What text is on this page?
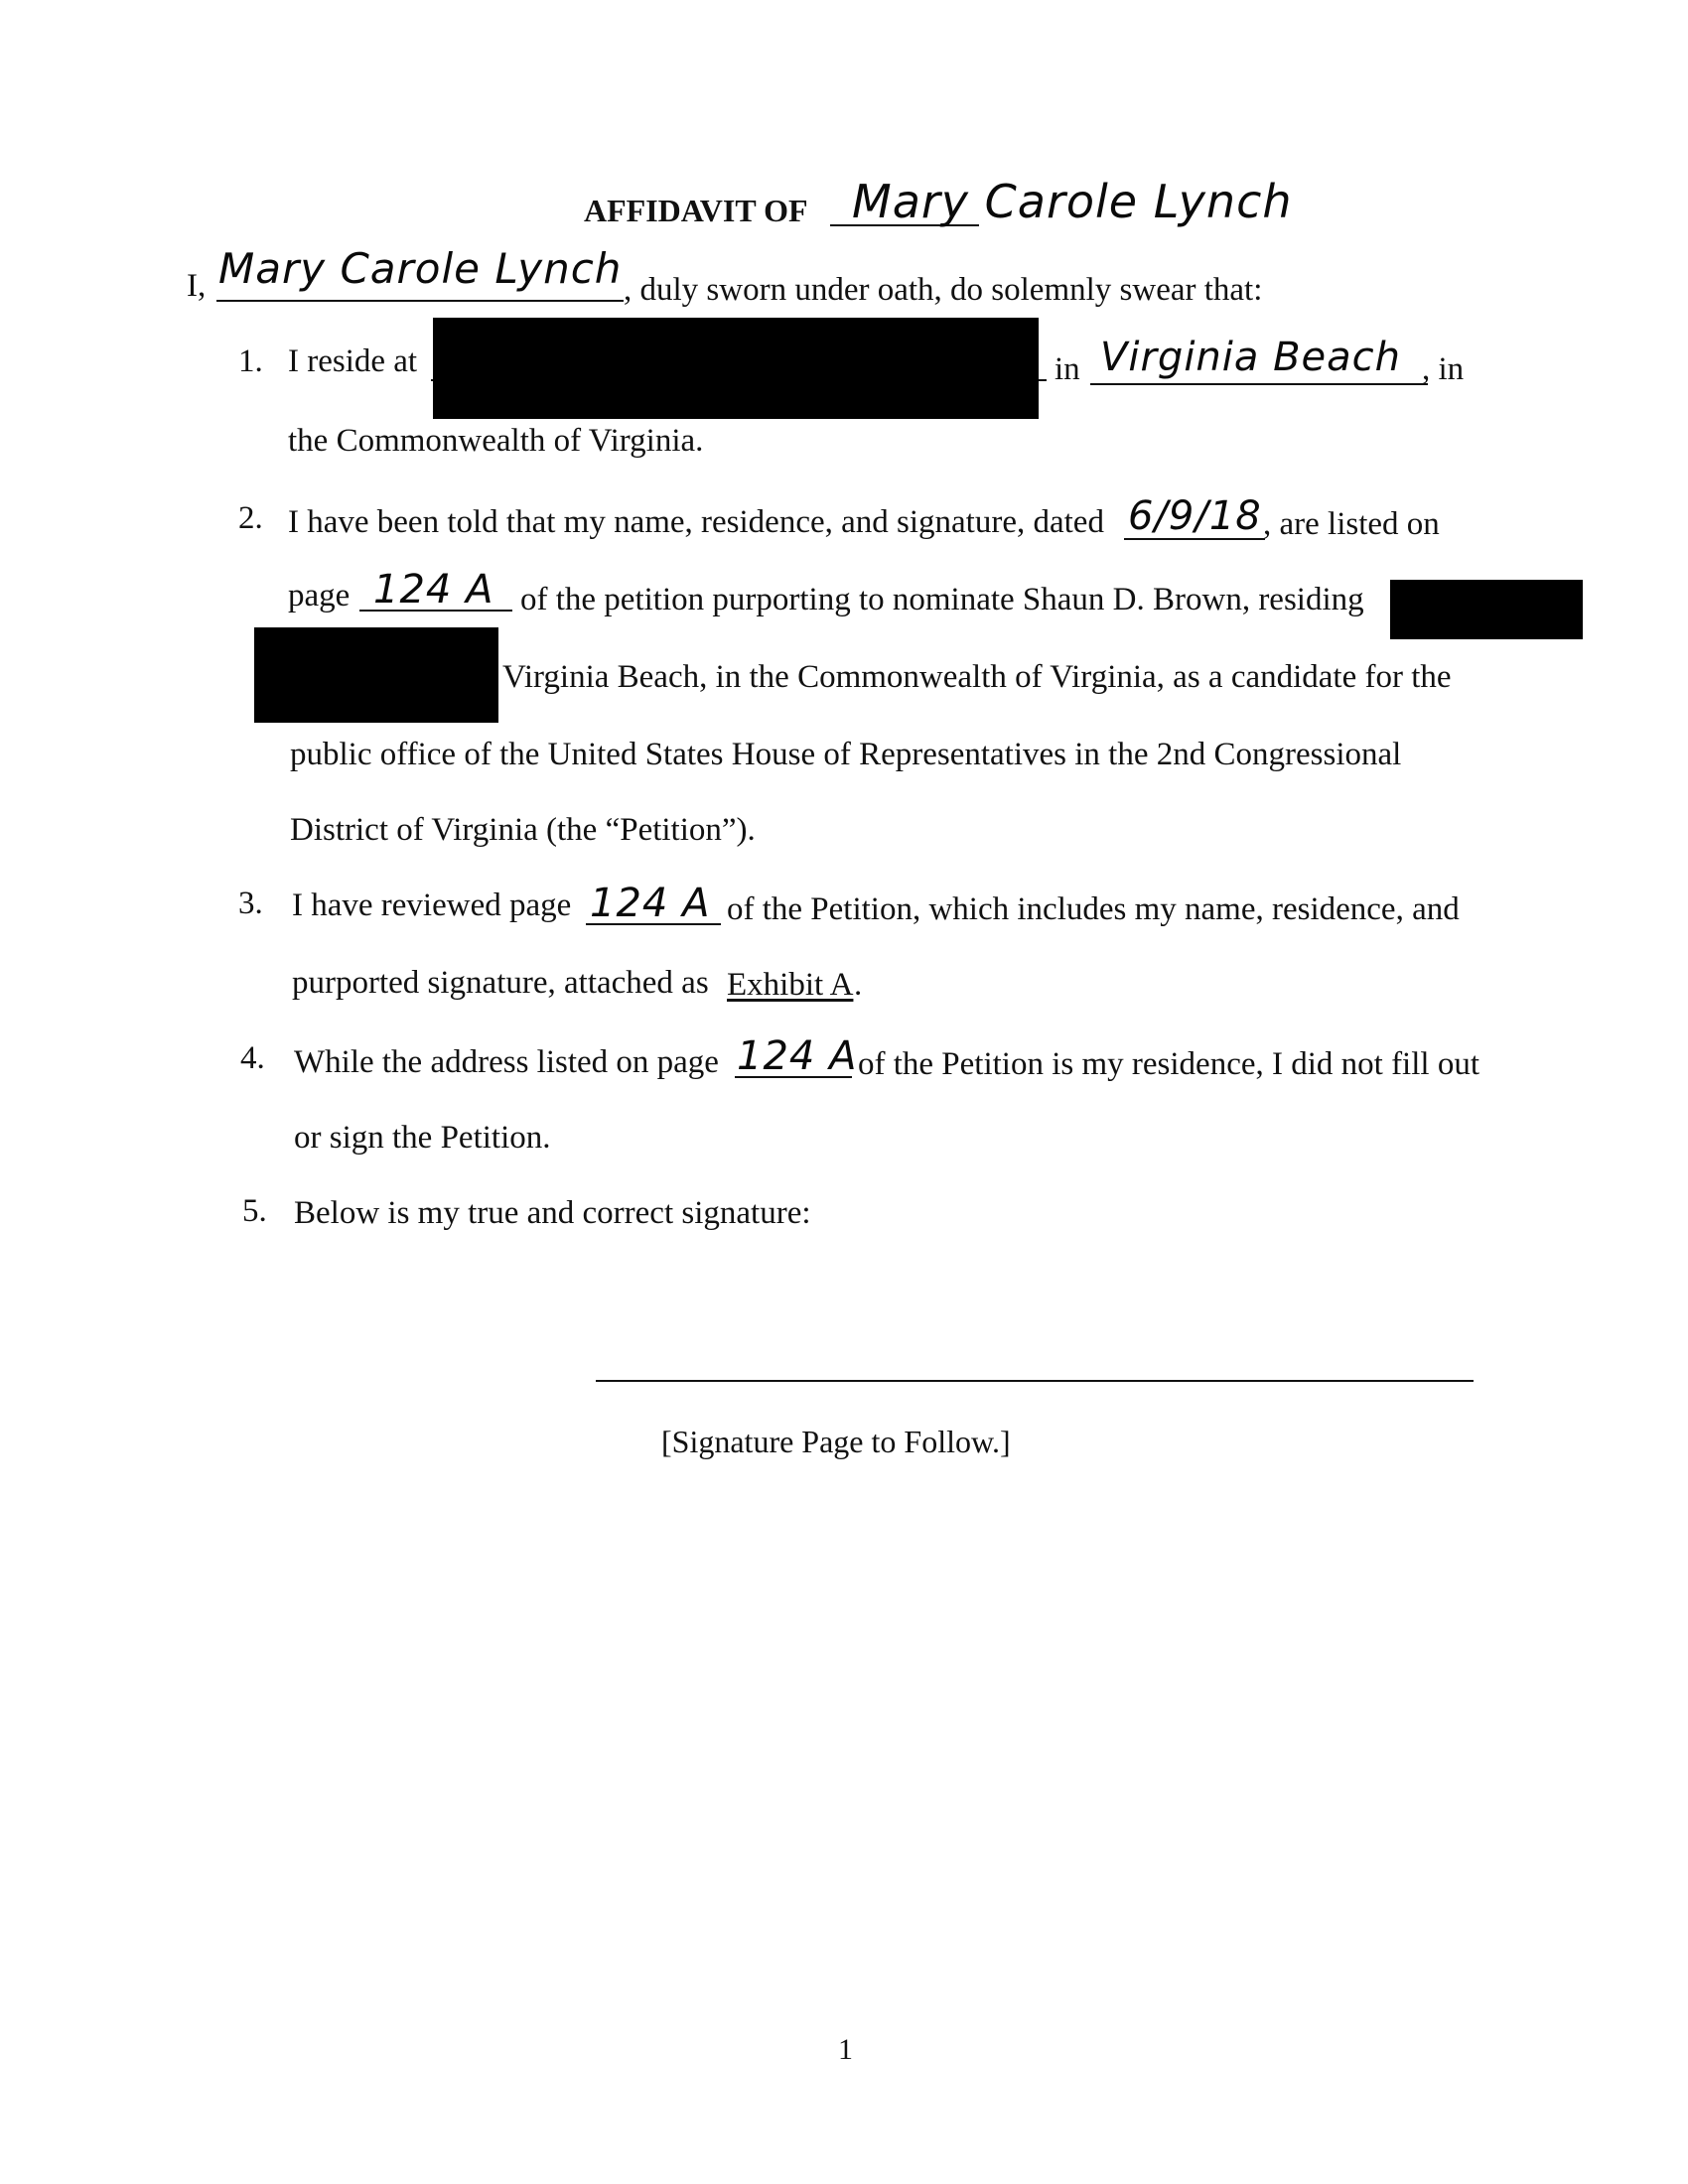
AFFIDAVIT OF Mary Carole Lynch
I, Mary Carole Lynch , duly sworn under oath, do solemnly swear that:
1. I reside at	in Virginia Beach , in
the Commonwealth of Virginia.
2. I have been told that my name, residence, and signature, dated 6/9/18 , are listed on
page 124 A of the petition purporting to nominate Shaun D. Brown, residing
Virginia Beach, in the Commonwealth of Virginia, as a candidate for the
public office of the United States House of Representatives in the 2nd Congressional
District of Virginia (the “Petition”).
3. I have reviewed page 124 A of the Petition, which includes my name, residence, and
purported signature, attached as Exhibit A .
4. While the address listed on page 124 A of the Petition is my residence, I did not fill out
or sign the Petition.
5. Below is my true and correct signature:
[Signature Page to Follow.]
1
